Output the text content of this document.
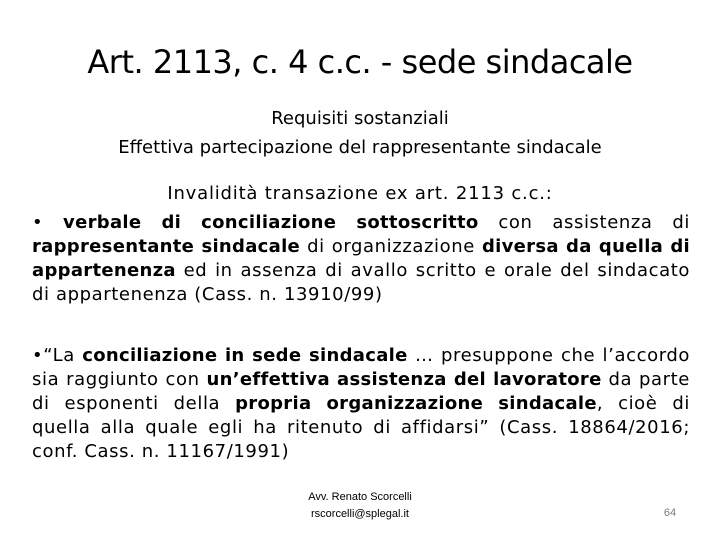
Art. 2113, c. 4 c.c. - sede sindacale
Requisiti sostanziali
Effettiva partecipazione del rappresentante sindacale
Invalidità transazione ex art. 2113 c.c.:
• verbale di conciliazione sottoscritto con assistenza di rappresentante sindacale di organizzazione diversa da quella di appartenenza ed in assenza di avallo scritto e orale del sindacato di appartenenza (Cass. n. 13910/99)
•“La conciliazione in sede sindacale … presuppone che l’accordo sia raggiunto con un’effettiva assistenza del lavoratore da parte di esponenti della propria organizzazione sindacale, cioè di quella alla quale egli ha ritenuto di affidarsi” (Cass. 18864/2016; conf. Cass. n. 11167/1991)
Avv. Renato Scorcelli
rscorcelli@splegal.it	64
